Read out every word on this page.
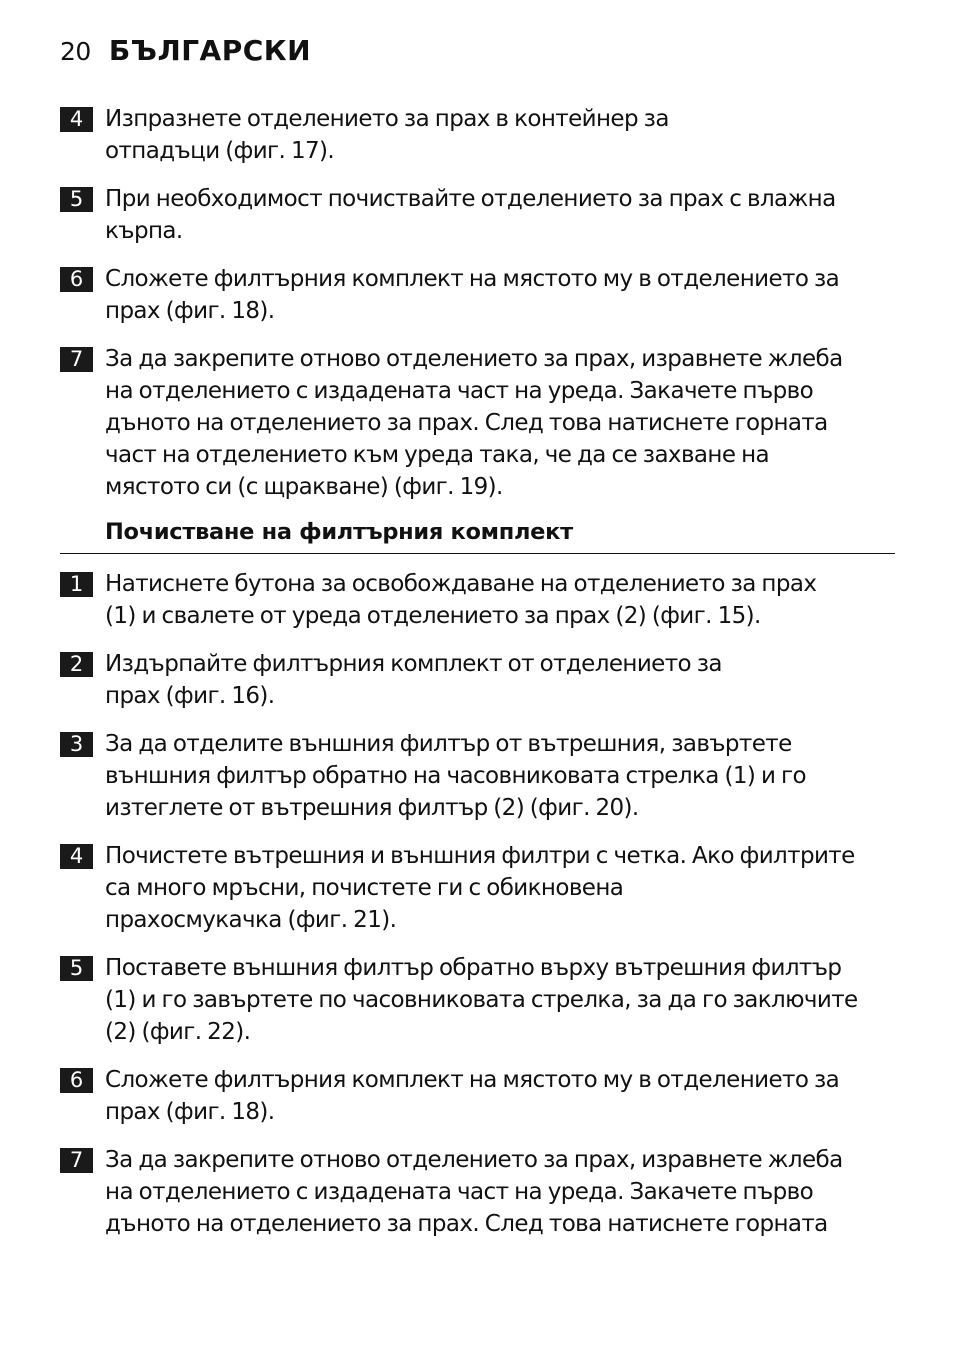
20 БЪЛГАРСКИ
4 Изпразнете отделението за прах в контейнер за
отпадъци (фиг. 17).
5 При необходимост почиствайте отделението за прах с влажна
кърпа.
6 Сложете филтърния комплект на мястото му в отделението за
прах (фиг. 18).
7 За да закрепите отново отделението за прах, изравнете жлеба
на отделението с издадената част на уреда. Закачете първо
дъното на отделението за прах. След това натиснете горната
част на отделението към уреда така, че да се захване на
мястото си (с щракване) (фиг. 19).
Почистване на филтърния комплект
1 Натиснете бутона за освобождаване на отделението за прах
(1) и свалете от уреда отделението за прах (2) (фиг. 15).
2 Издърпайте филтърния комплект от отделението за
прах (фиг. 16).
3 За да отделите външния филтър от вътрешния, завъртете
външния филтър обратно на часовниковата стрелка (1) и го
изтеглете от вътрешния филтър (2) (фиг. 20).
4 Почистете вътрешния и външния филтри с четка. Ако филтрите
са много мръсни, почистете ги с обикновена
прахосмукачка (фиг. 21).
5 Поставете външния филтър обратно върху вътрешния филтър
(1) и го завъртете по часовниковата стрелка, за да го заключите
(2) (фиг. 22).
6 Сложете филтърния комплект на мястото му в отделението за
прах (фиг. 18).
7 За да закрепите отново отделението за прах, изравнете жлеба
на отделението с издадената част на уреда. Закачете първо
дъното на отделението за прах. След това натиснете горната
